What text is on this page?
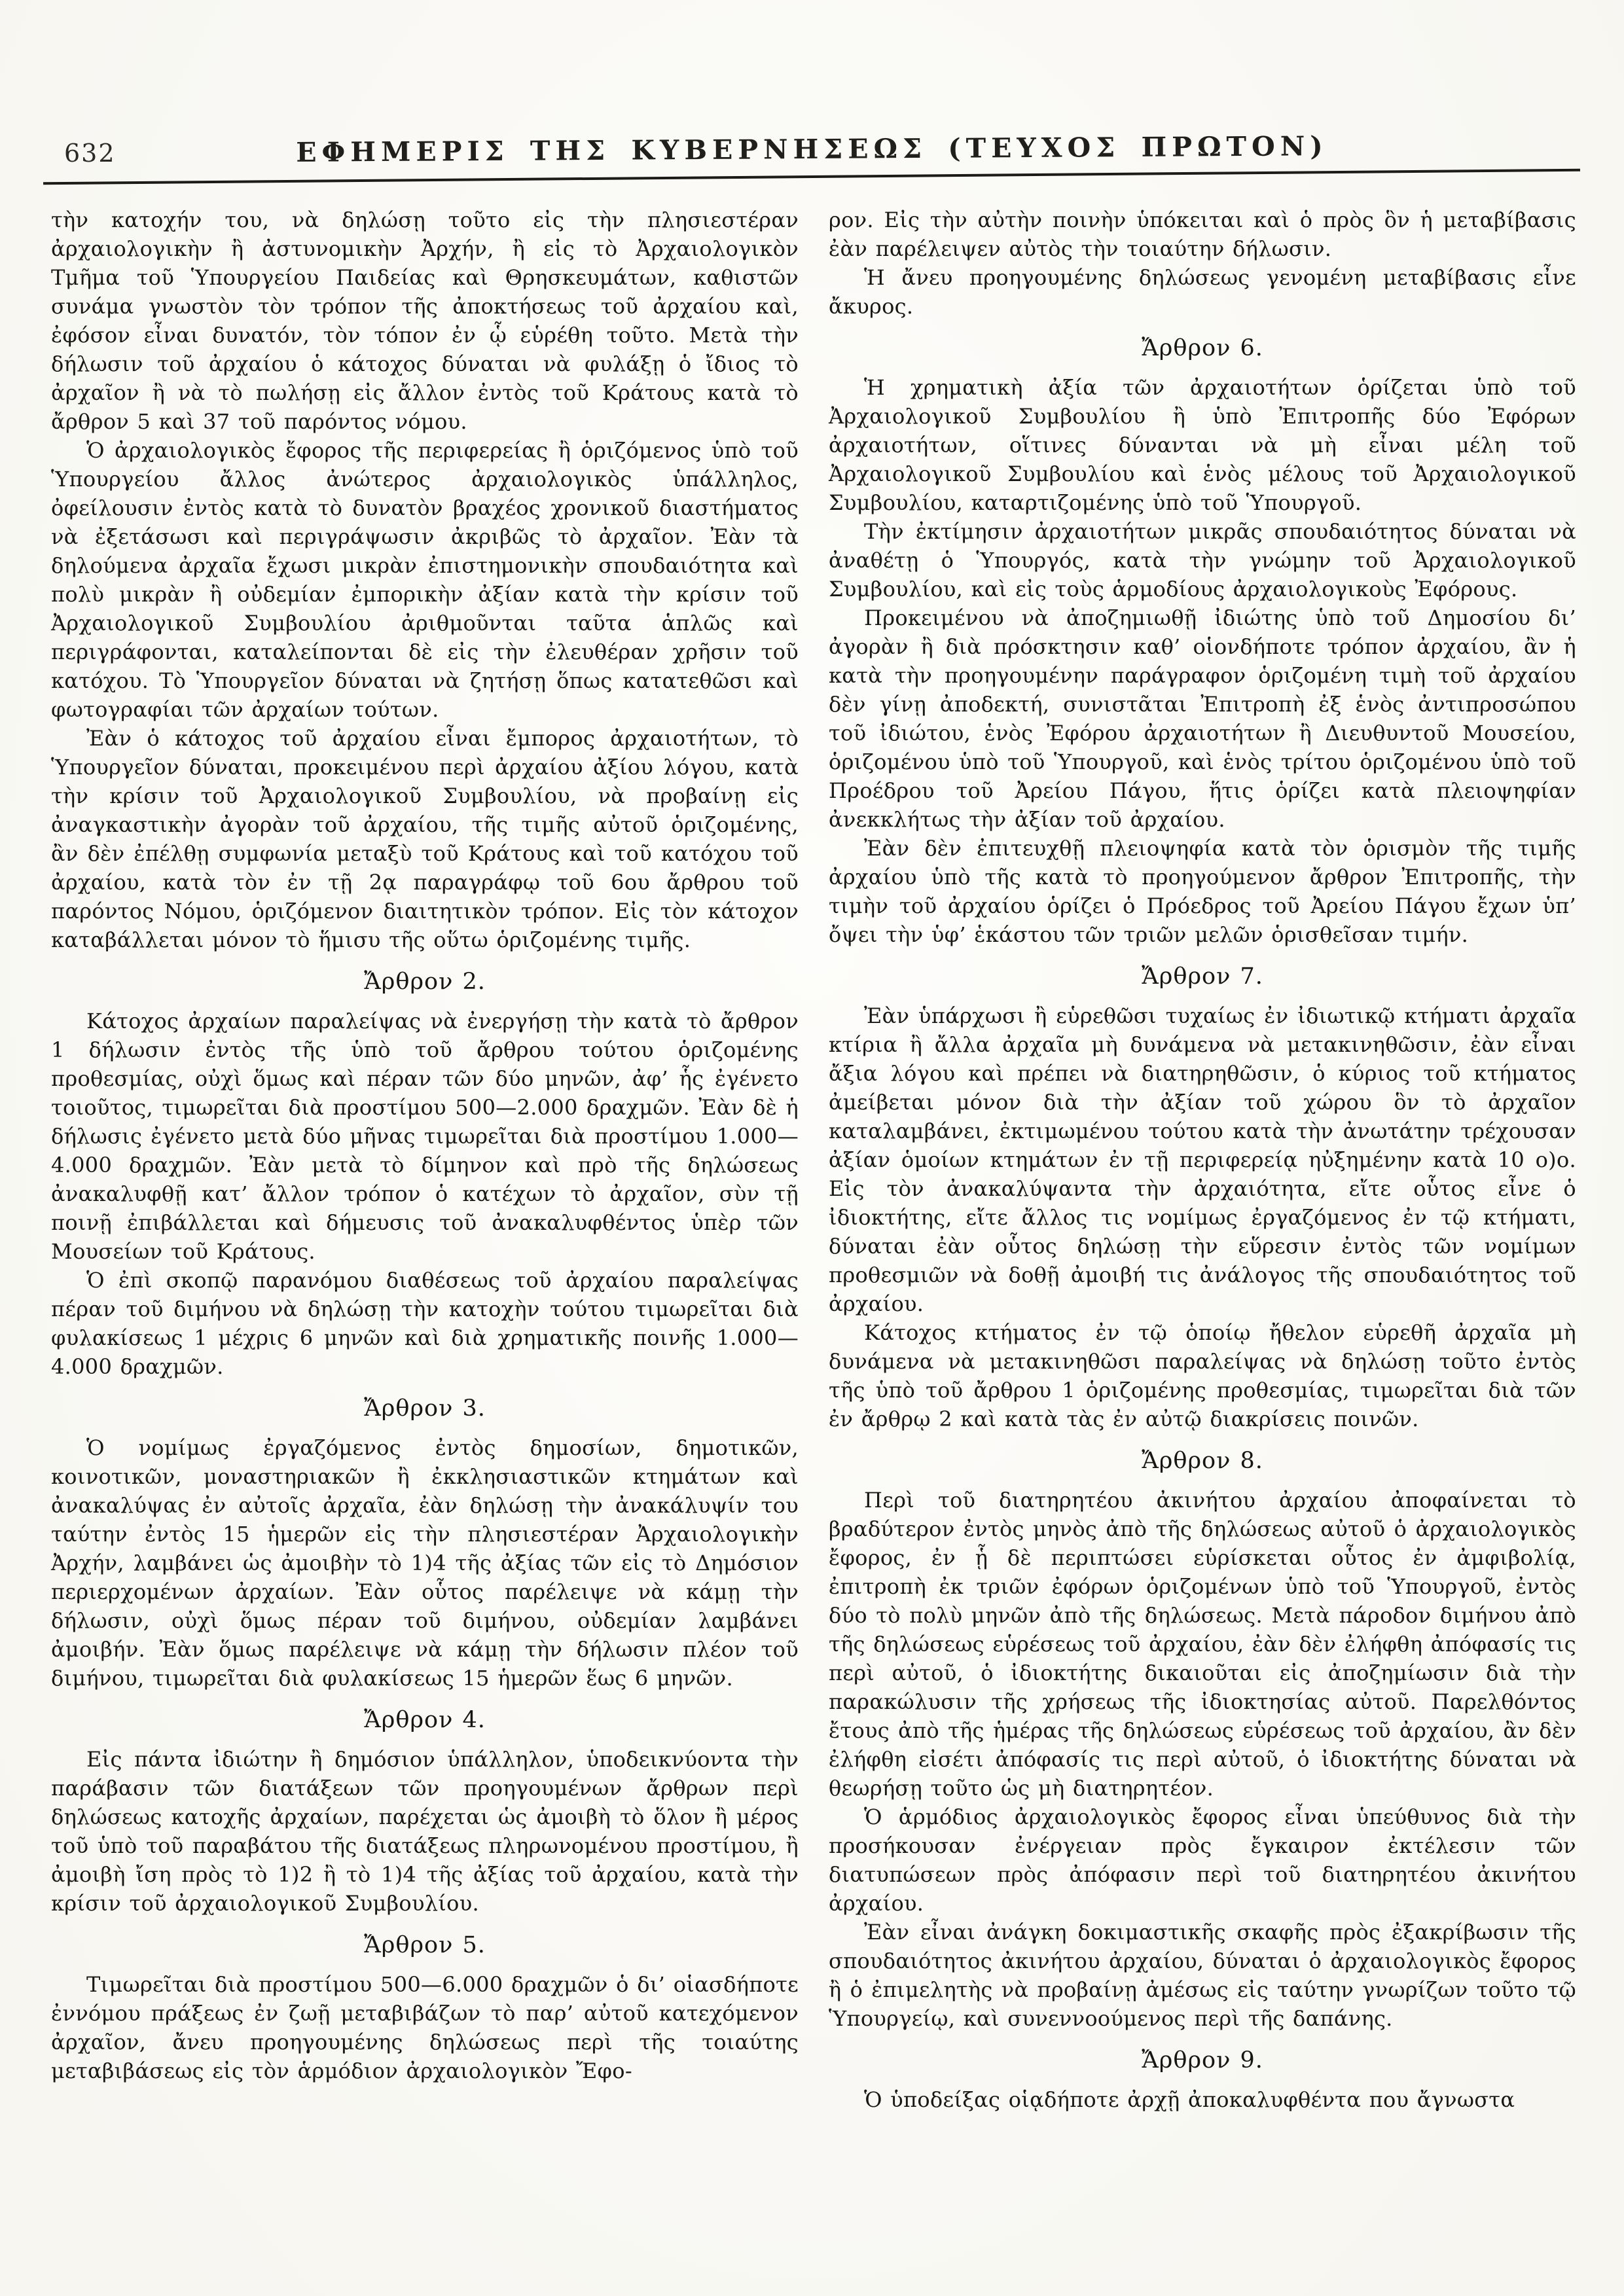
632	ΕΦΗΜΕΡΙΣ ΤΗΣ ΚΥΒΕΡΝΗΣΕΩΣ (ΤΕΥΧΟΣ ΠΡΩΤΟΝ)

τὴν κατοχήν του, νὰ δηλώσῃ τοῦτο εἰς τὴν πλησιεστέραν ἀρχαιολογικὴν ἢ ἀστυνομικὴν Ἀρχήν, ἢ εἰς τὸ Ἀρχαιολογικὸν Τμῆμα τοῦ Ὑπουργείου Παιδείας καὶ Θρησκευμάτων, καθιστῶν συνάμα γνωστὸν τὸν τρόπον τῆς ἀποκτήσεως τοῦ ἀρχαίου καὶ, ἐφόσον εἶναι δυνατόν, τὸν τόπον ἐν ᾧ εὑρέθη τοῦτο. Μετὰ τὴν δήλωσιν τοῦ ἀρχαίου ὁ κάτοχος δύναται νὰ φυλάξῃ ὁ ἴδιος τὸ ἀρχαῖον ἢ νὰ τὸ πωλήσῃ εἰς ἄλλον ἐντὸς τοῦ Κράτους κατὰ τὸ ἄρθρον 5 καὶ 37 τοῦ παρόντος νόμου.

Ὁ ἀρχαιολογικὸς ἔφορος τῆς περιφερείας ἢ ὁριζόμενος ὑπὸ τοῦ Ὑπουργείου ἄλλος ἀνώτερος ἀρχαιολογικὸς ὑπάλληλος, ὀφείλουσιν ἐντὸς κατὰ τὸ δυνατὸν βραχέος χρονικοῦ διαστήματος νὰ ἐξετάσωσι καὶ περιγράψωσιν ἀκριβῶς τὸ ἀρχαῖον. Ἐὰν τὰ δηλούμενα ἀρχαῖα ἔχωσι μικρὰν ἐπιστημονικὴν σπουδαιότητα καὶ πολὺ μικρὰν ἢ οὐδεμίαν ἐμπορικὴν ἀξίαν κατὰ τὴν κρίσιν τοῦ Ἀρχαιολογικοῦ Συμβουλίου ἀριθμοῦνται ταῦτα ἁπλῶς καὶ περιγράφονται, καταλείπονται δὲ εἰς τὴν ἐλευθέραν χρῆσιν τοῦ κατόχου. Τὸ Ὑπουργεῖον δύναται νὰ ζητήσῃ ὅπως κατατεθῶσι καὶ φωτογραφίαι τῶν ἀρχαίων τούτων.

Ἐὰν ὁ κάτοχος τοῦ ἀρχαίου εἶναι ἔμπορος ἀρχαιοτήτων, τὸ Ὑπουργεῖον δύναται, προκειμένου περὶ ἀρχαίου ἀξίου λόγου, κατὰ τὴν κρίσιν τοῦ Ἀρχαιολογικοῦ Συμβουλίου, νὰ προβαίνῃ εἰς ἀναγκαστικὴν ἀγορὰν τοῦ ἀρχαίου, τῆς τιμῆς αὐτοῦ ὁριζομένης, ἂν δὲν ἐπέλθῃ συμφωνία μεταξὺ τοῦ Κράτους καὶ τοῦ κατόχου τοῦ ἀρχαίου, κατὰ τὸν ἐν τῇ 2ᾳ παραγράφῳ τοῦ 6ου ἄρθρου τοῦ παρόντος Νόμου, ὁριζόμενον διαιτητικὸν τρόπον. Εἰς τὸν κάτοχον καταβάλλεται μόνον τὸ ἥμισυ τῆς οὕτω ὁριζομένης τιμῆς.

Ἄρθρον 2.

Κάτοχος ἀρχαίων παραλείψας νὰ ἐνεργήσῃ τὴν κατὰ τὸ ἄρθρον 1 δήλωσιν ἐντὸς τῆς ὑπὸ τοῦ ἄρθρου τούτου ὁριζομένης προθεσμίας, οὐχὶ ὅμως καὶ πέραν τῶν δύο μηνῶν, ἀφ’ ἧς ἐγένετο τοιοῦτος, τιμωρεῖται διὰ προστίμου 500—2.000 δραχμῶν. Ἐὰν δὲ ἡ δήλωσις ἐγένετο μετὰ δύο μῆνας τιμωρεῖται διὰ προστίμου 1.000—4.000 δραχμῶν. Ἐὰν μετὰ τὸ δίμηνον καὶ πρὸ τῆς δηλώσεως ἀνακαλυφθῇ κατ’ ἄλλον τρόπον ὁ κατέχων τὸ ἀρχαῖον, σὺν τῇ ποινῇ ἐπιβάλλεται καὶ δήμευσις τοῦ ἀνακαλυφθέντος ὑπὲρ τῶν Μουσείων τοῦ Κράτους.

Ὁ ἐπὶ σκοπῷ παρανόμου διαθέσεως τοῦ ἀρχαίου παραλείψας πέραν τοῦ διμήνου νὰ δηλώσῃ τὴν κατοχὴν τούτου τιμωρεῖται διὰ φυλακίσεως 1 μέχρις 6 μηνῶν καὶ διὰ χρηματικῆς ποινῆς 1.000—4.000 δραχμῶν.

Ἄρθρον 3.

Ὁ νομίμως ἐργαζόμενος ἐντὸς δημοσίων, δημοτικῶν, κοινοτικῶν, μοναστηριακῶν ἢ ἐκκλησιαστικῶν κτημάτων καὶ ἀνακαλύψας ἐν αὐτοῖς ἀρχαῖα, ἐὰν δηλώσῃ τὴν ἀνακάλυψίν του ταύτην ἐντὸς 15 ἡμερῶν εἰς τὴν πλησιεστέραν Ἀρχαιολογικὴν Ἀρχήν, λαμβάνει ὡς ἀμοιβὴν τὸ 1)4 τῆς ἀξίας τῶν εἰς τὸ Δημόσιον περιερχομένων ἀρχαίων. Ἐὰν οὗτος παρέλειψε νὰ κάμῃ τὴν δήλωσιν, οὐχὶ ὅμως πέραν τοῦ διμήνου, οὐδεμίαν λαμβάνει ἀμοιβήν. Ἐὰν ὅμως παρέλειψε νὰ κάμῃ τὴν δήλωσιν πλέον τοῦ διμήνου, τιμωρεῖται διὰ φυλακίσεως 15 ἡμερῶν ἕως 6 μηνῶν.

Ἄρθρον 4.

Εἰς πάντα ἰδιώτην ἢ δημόσιον ὑπάλληλον, ὑποδεικνύοντα τὴν παράβασιν τῶν διατάξεων τῶν προηγουμένων ἄρθρων περὶ δηλώσεως κατοχῆς ἀρχαίων, παρέχεται ὡς ἀμοιβὴ τὸ ὅλον ἢ μέρος τοῦ ὑπὸ τοῦ παραβάτου τῆς διατάξεως πληρωνομένου προστίμου, ἢ ἀμοιβὴ ἴση πρὸς τὸ 1)2 ἢ τὸ 1)4 τῆς ἀξίας τοῦ ἀρχαίου, κατὰ τὴν κρίσιν τοῦ ἀρχαιολογικοῦ Συμβουλίου.

Ἄρθρον 5.

Τιμωρεῖται διὰ προστίμου 500—6.000 δραχμῶν ὁ δι’ οἱασδήποτε ἐννόμου πράξεως ἐν ζωῇ μεταβιβάζων τὸ παρ’ αὐτοῦ κατεχόμενον ἀρχαῖον, ἄνευ προηγουμένης δηλώσεως περὶ τῆς τοιαύτης μεταβιβάσεως εἰς τὸν ἁρμόδιον ἀρχαιολογικὸν Ἔφο-

ρον. Εἰς τὴν αὐτὴν ποινὴν ὑπόκειται καὶ ὁ πρὸς ὃν ἡ μεταβίβασις ἐὰν παρέλειψεν αὐτὸς τὴν τοιαύτην δήλωσιν.

Ἡ ἄνευ προηγουμένης δηλώσεως γενομένη μεταβίβασις εἶνε ἄκυρος.

Ἄρθρον 6.

Ἡ χρηματικὴ ἀξία τῶν ἀρχαιοτήτων ὁρίζεται ὑπὸ τοῦ Ἀρχαιολογικοῦ Συμβουλίου ἢ ὑπὸ Ἐπιτροπῆς δύο Ἐφόρων ἀρχαιοτήτων, οἵτινες δύνανται νὰ μὴ εἶναι μέλη τοῦ Ἀρχαιολογικοῦ Συμβουλίου καὶ ἑνὸς μέλους τοῦ Ἀρχαιολογικοῦ Συμβουλίου, καταρτιζομένης ὑπὸ τοῦ Ὑπουργοῦ.

Τὴν ἐκτίμησιν ἀρχαιοτήτων μικρᾶς σπουδαιότητος δύναται νὰ ἀναθέτῃ ὁ Ὑπουργός, κατὰ τὴν γνώμην τοῦ Ἀρχαιολογικοῦ Συμβουλίου, καὶ εἰς τοὺς ἁρμοδίους ἀρχαιολογικοὺς Ἐφόρους.

Προκειμένου νὰ ἀποζημιωθῇ ἰδιώτης ὑπὸ τοῦ Δημοσίου δι’ ἀγορὰν ἢ διὰ πρόσκτησιν καθ’ οἱονδήποτε τρόπον ἀρχαίου, ἂν ἡ κατὰ τὴν προηγουμένην παράγραφον ὁριζομένη τιμὴ τοῦ ἀρχαίου δὲν γίνῃ ἀποδεκτή, συνιστᾶται Ἐπιτροπὴ ἐξ ἑνὸς ἀντιπροσώπου τοῦ ἰδιώτου, ἑνὸς Ἐφόρου ἀρχαιοτήτων ἢ Διευθυντοῦ Μουσείου, ὁριζομένου ὑπὸ τοῦ Ὑπουργοῦ, καὶ ἑνὸς τρίτου ὁριζομένου ὑπὸ τοῦ Προέδρου τοῦ Ἀρείου Πάγου, ἥτις ὁρίζει κατὰ πλειοψηφίαν ἀνεκκλήτως τὴν ἀξίαν τοῦ ἀρχαίου.

Ἐὰν δὲν ἐπιτευχθῇ πλειοψηφία κατὰ τὸν ὁρισμὸν τῆς τιμῆς ἀρχαίου ὑπὸ τῆς κατὰ τὸ προηγούμενον ἄρθρον Ἐπιτροπῆς, τὴν τιμὴν τοῦ ἀρχαίου ὁρίζει ὁ Πρόεδρος τοῦ Ἀρείου Πάγου ἔχων ὑπ’ ὄψει τὴν ὑφ’ ἑκάστου τῶν τριῶν μελῶν ὁρισθεῖσαν τιμήν.

Ἄρθρον 7.

Ἐὰν ὑπάρχωσι ἢ εὑρεθῶσι τυχαίως ἐν ἰδιωτικῷ κτήματι ἀρχαῖα κτίρια ἢ ἄλλα ἀρχαῖα μὴ δυνάμενα νὰ μετακινηθῶσιν, ἐὰν εἶναι ἄξια λόγου καὶ πρέπει νὰ διατηρηθῶσιν, ὁ κύριος τοῦ κτήματος ἀμείβεται μόνον διὰ τὴν ἀξίαν τοῦ χώρου ὃν τὸ ἀρχαῖον καταλαμβάνει, ἐκτιμωμένου τούτου κατὰ τὴν ἀνωτάτην τρέχουσαν ἀξίαν ὁμοίων κτημάτων ἐν τῇ περιφερείᾳ ηὐξημένην κατὰ 10 ο)ο. Εἰς τὸν ἀνακαλύψαντα τὴν ἀρχαιότητα, εἴτε οὗτος εἶνε ὁ ἰδιοκτήτης, εἴτε ἄλλος τις νομίμως ἐργαζόμενος ἐν τῷ κτήματι, δύναται ἐὰν οὗτος δηλώσῃ τὴν εὕρεσιν ἐντὸς τῶν νομίμων προθεσμιῶν νὰ δοθῇ ἀμοιβή τις ἀνάλογος τῆς σπουδαιότητος τοῦ ἀρχαίου.

Κάτοχος κτήματος ἐν τῷ ὁποίῳ ἤθελον εὑρεθῆ ἀρχαῖα μὴ δυνάμενα νὰ μετακινηθῶσι παραλείψας νὰ δηλώσῃ τοῦτο ἐντὸς τῆς ὑπὸ τοῦ ἄρθρου 1 ὁριζομένης προθεσμίας, τιμωρεῖται διὰ τῶν ἐν ἄρθρῳ 2 καὶ κατὰ τὰς ἐν αὐτῷ διακρίσεις ποινῶν.

Ἄρθρον 8.

Περὶ τοῦ διατηρητέου ἀκινήτου ἀρχαίου ἀποφαίνεται τὸ βραδύτερον ἐντὸς μηνὸς ἀπὸ τῆς δηλώσεως αὐτοῦ ὁ ἀρχαιολογικὸς ἔφορος, ἐν ᾗ δὲ περιπτώσει εὑρίσκεται οὗτος ἐν ἀμφιβολίᾳ, ἐπιτροπὴ ἐκ τριῶν ἐφόρων ὁριζομένων ὑπὸ τοῦ Ὑπουργοῦ, ἐντὸς δύο τὸ πολὺ μηνῶν ἀπὸ τῆς δηλώσεως. Μετὰ πάροδον διμήνου ἀπὸ τῆς δηλώσεως εὑρέσεως τοῦ ἀρχαίου, ἐὰν δὲν ἐλήφθη ἀπόφασίς τις περὶ αὐτοῦ, ὁ ἰδιοκτήτης δικαιοῦται εἰς ἀποζημίωσιν διὰ τὴν παρακώλυσιν τῆς χρήσεως τῆς ἰδιοκτησίας αὐτοῦ. Παρελθόντος ἔτους ἀπὸ τῆς ἡμέρας τῆς δηλώσεως εὑρέσεως τοῦ ἀρχαίου, ἂν δὲν ἐλήφθη εἰσέτι ἀπόφασίς τις περὶ αὐτοῦ, ὁ ἰδιοκτήτης δύναται νὰ θεωρήσῃ τοῦτο ὡς μὴ διατηρητέον.

Ὁ ἁρμόδιος ἀρχαιολογικὸς ἔφορος εἶναι ὑπεύθυνος διὰ τὴν προσήκουσαν ἐνέργειαν πρὸς ἔγκαιρον ἐκτέλεσιν τῶν διατυπώσεων πρὸς ἀπόφασιν περὶ τοῦ διατηρητέου ἀκινήτου ἀρχαίου.

Ἐὰν εἶναι ἀνάγκη δοκιμαστικῆς σκαφῆς πρὸς ἐξακρίβωσιν τῆς σπουδαιότητος ἀκινήτου ἀρχαίου, δύναται ὁ ἀρχαιολογικὸς ἔφορος ἢ ὁ ἐπιμελητὴς νὰ προβαίνῃ ἀμέσως εἰς ταύτην γνωρίζων τοῦτο τῷ Ὑπουργείῳ, καὶ συνεννοούμενος περὶ τῆς δαπάνης.

Ἄρθρον 9.

Ὁ ὑποδείξας οἱᾳδήποτε ἀρχῇ ἀποκαλυφθέντα που ἄγνωστα
